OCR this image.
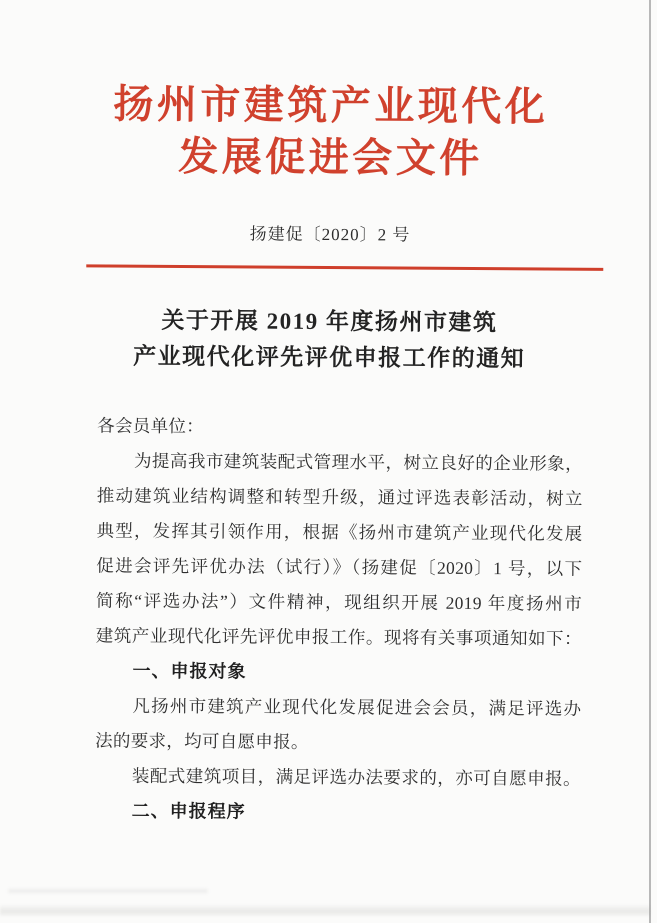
扬州市建筑产业现代化
发展促进会文件
扬建促〔2020〕2 号
关于开展 2019 年度扬州市建筑
产业现代化评先评优申报工作的通知
各会员单位：
为提高我市建筑装配式管理水平，树立良好的企业形象，
推动建筑业结构调整和转型升级，通过评选表彰活动，树立
典型，发挥其引领作用，根据《扬州市建筑产业现代化发展
促进会评先评优办法（试行）》（扬建促〔2020〕1 号，以下
简称“评选办法”）文件精神，现组织开展 2019 年度扬州市
建筑产业现代化评先评优申报工作。现将有关事项通知如下：
一、申报对象
凡扬州市建筑产业现代化发展促进会会员，满足评选办
法的要求，均可自愿申报。
装配式建筑项目，满足评选办法要求的，亦可自愿申报。
二、申报程序
